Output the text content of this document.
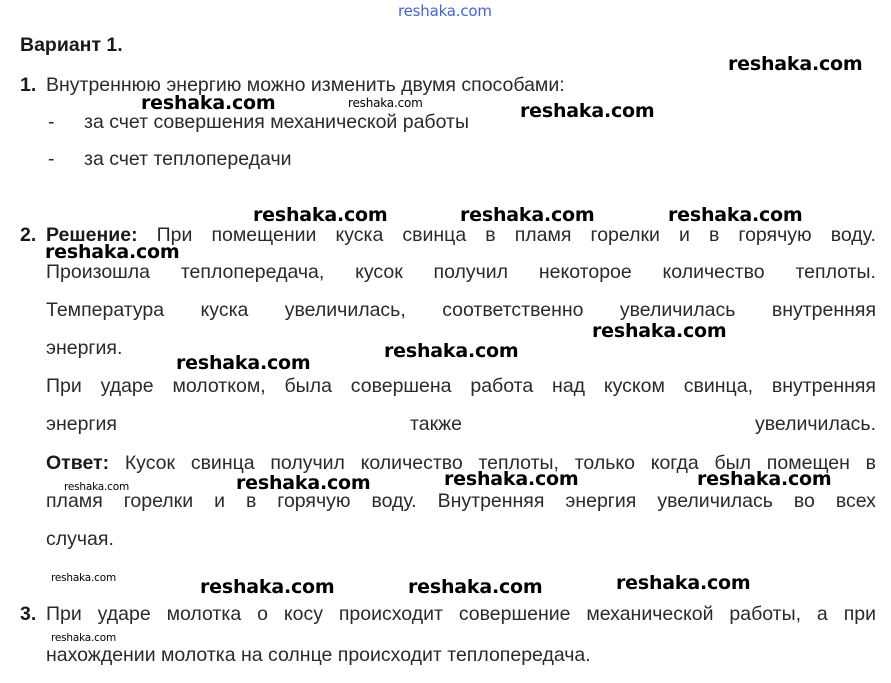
reshaka.com
Вариант 1.
1. Внутреннюю энергию можно изменить двумя способами:
- за счет совершения механической работы
- за счет теплопередачи
2. Решение: При помещении куска свинца в пламя горелки и в горячую воду.
Произошла теплопередача, кусок получил некоторое количество теплоты.
Температура куска увеличилась, соответственно увеличилась внутренняя
энергия.
При ударе молотком, была совершена работа над куском свинца, внутренняя
энергия	также	увеличилась.
Ответ: Кусок свинца получил количество теплоты, только когда был помещен в
пламя горелки и в горячую воду. Внутренняя энергия увеличилась во всех
случая.
3. При ударе молотка о косу происходит совершение механической работы, а при
нахождении молотка на солнце происходит теплопередача.
reshaka.com
reshaka.com	reshaka.com	reshaka.com
reshaka.com	reshaka.com	reshaka.com
reshaka.com
reshaka.com
reshaka.com
reshaka.com
reshaka.com	reshaka.com	reshaka.com	reshaka.com
reshaka.com	reshaka.com	reshaka.com	reshaka.com
reshaka.com
